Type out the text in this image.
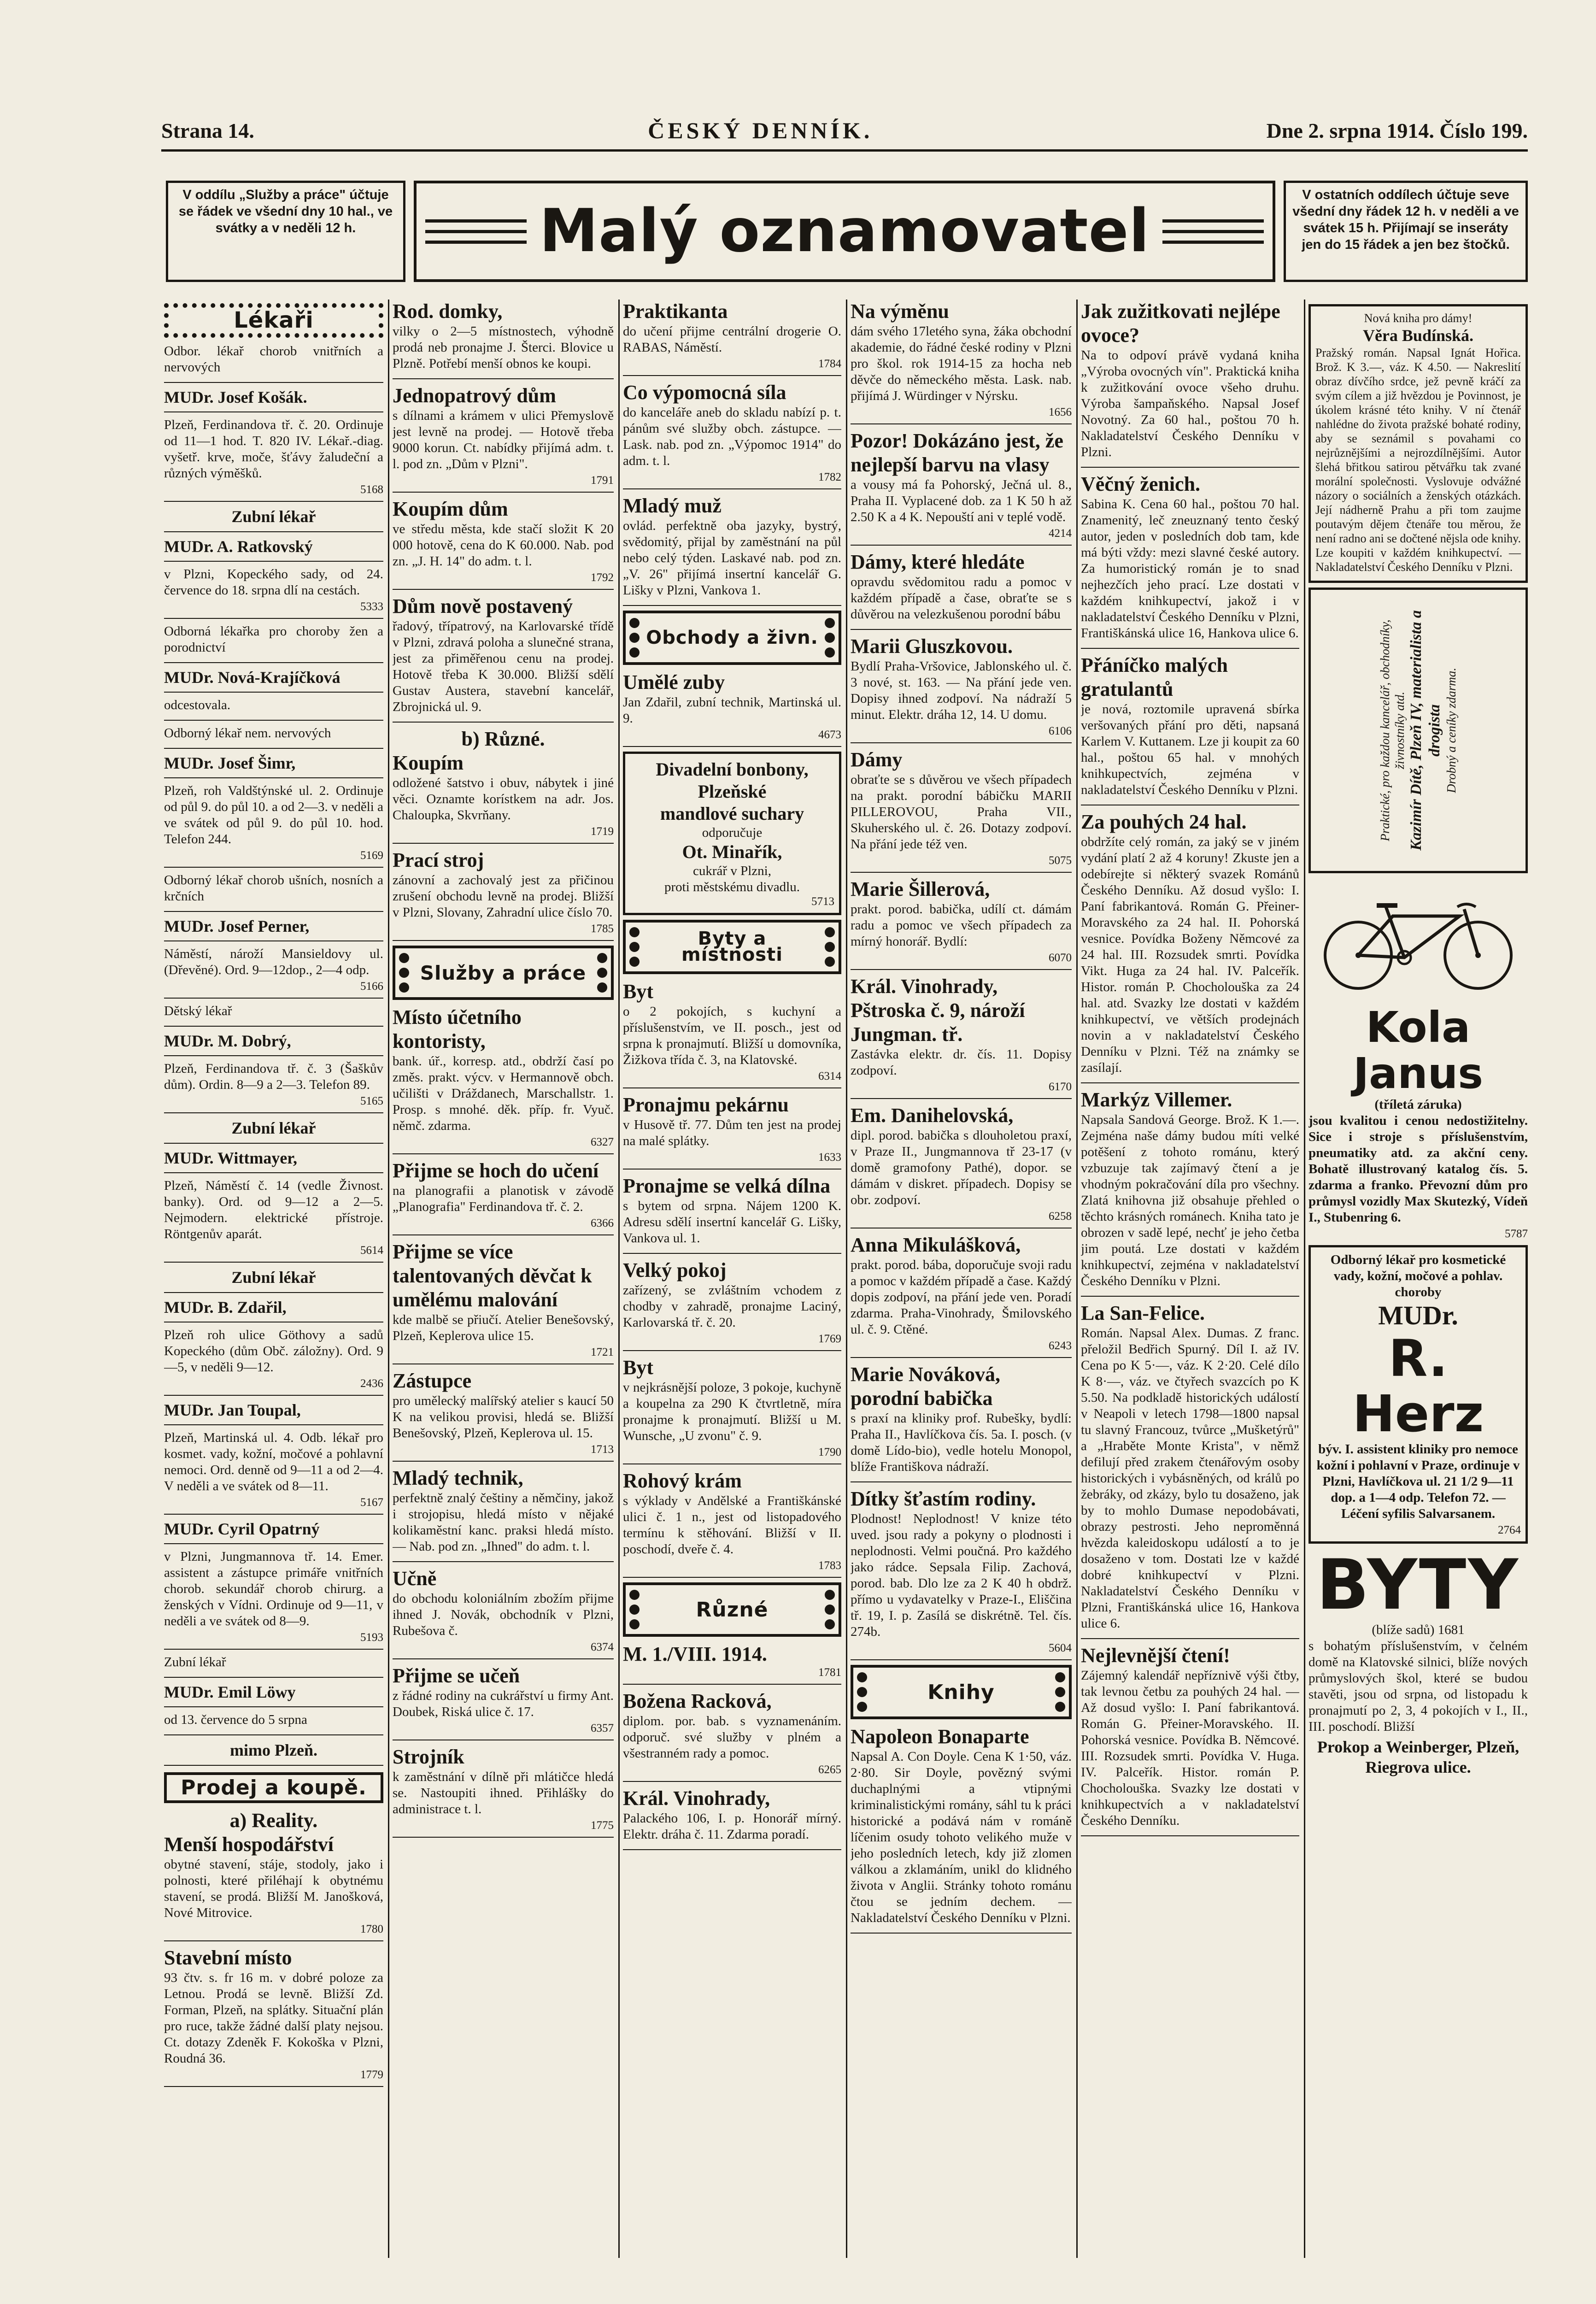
Strana 14.	ČESKÝ DENNÍK.	Dne 2. srpna 1914. Číslo 199.
V oddílu „Služby a práce" účtuje se řádek ve všední dny 10 hal., ve svátky a v neděli 12 h.	Malý oznamovatel
V ostatních oddílech účtuje seve všední dny řádek 12 h. v neděli a ve svátek 15 h. Přijímají se inseráty jen do 15 řádek a jen bez štočků.
Lékaři

Odbor. lékař chorob vnitřních a nervových

MUDr. Josef Košák.

Plzeň, Ferdinandova tř. č. 20. Ordinuje od 11—1 hod. T. 820 IV. Lékař.-diag. vyšetř. krve, moče, šťávy žaludeční a různých výměšků.

5168
Zubní lékař
MUDr. A. Ratkovský

v Plzni, Kopeckého sady, od 24. července do 18. srpna dlí na cestách.

5333

Odborná lékařka pro choroby žen a porodnictví

MUDr. Nová-Krajíčková

odcestovala.

Odborný lékař nem. nervových

MUDr. Josef Šimr,

Plzeň, roh Valdštýnské ul. 2. Ordinuje od půl 9. do půl 10. a od 2—3. v neděli a ve svátek od půl 9. do půl 10. hod. Telefon 244.

5169

Odborný lékař chorob ušních, nosních a krčních

MUDr. Josef Perner,

Náměstí, nároží Mansieldovy ul. (Dřevěné). Ord. 9—12dop., 2—4 odp.

5166

Dětský lékař

MUDr. M. Dobrý,

Plzeň, Ferdinandova tř. č. 3 (Šaškův dům). Ordin. 8—9 a 2—3. Telefon 89.

5165
Zubní lékař
MUDr. Wittmayer,

Plzeň, Náměstí č. 14 (vedle Živnost. banky). Ord. od 9—12 a 2—5. Nejmodern. elektrické přístroje. Röntgenův aparát.

5614
Zubní lékař
MUDr. B. Zdařil,

Plzeň roh ulice Göthovy a sadů Kopeckého (dům Obč. záložny). Ord. 9—5, v neděli 9—12.

2436
MUDr. Jan Toupal,

Plzeň, Martinská ul. 4. Odb. lékař pro kosmet. vady, kožní, močové a pohlavní nemoci. Ord. denně od 9—11 a od 2—4. V neděli a ve svátek od 8—11.

5167
MUDr. Cyril Opatrný

v Plzni, Jungmannova tř. 14. Emer. assistent a zástupce primáře vnitřních chorob. sekundář chorob chirurg. a ženských v Vídni. Ordinuje od 9—11, v neděli a ve svátek od 8—9.

5193

Zubní lékař

MUDr. Emil Löwy

od 13. července do 5 srpna

mimo Plzeň.
Prodej a koupě.
a) Reality.
Menší hospodářství

obytné stavení, stáje, stodoly, jako i polnosti, které přiléhají k obytnému stavení, se prodá. Bližší M. Janošková, Nové Mitrovice.

1780
Stavební místo

93 čtv. s. fr 16 m. v dobré poloze za Letnou. Prodá se levně. Bližší Zd. Forman, Plzeň, na splátky. Situační plán pro ruce, takže žádné další platy nejsou. Ct. dotazy Zdeněk F. Kokoška v Plzni, Roudná 36.

1779
Rod. domky,

vilky o 2—5 místnostech, výhodně prodá neb pronajme J. Šterci. Blovice u Plzně. Potřebí menší obnos ke koupi.

Jednopatrový dům

s dílnami a krámem v ulici Přemyslově jest levně na prodej. — Hotově třeba 9000 korun. Ct. nabídky přijímá adm. t. l. pod zn. „Dům v Plzni".

1791
Koupím dům

ve středu města, kde stačí složit K 20 000 hotově, cena do K 60.000. Nab. pod zn. „J. H. 14" do adm. t. l.

1792
Dům nově postavený

řadový, třípatrový, na Karlovarské třídě v Plzni, zdravá poloha a slunečné strana, jest za přiměřenou cenu na prodej. Hotově třeba K 30.000. Bližší sdělí Gustav Austera, stavební kancelář, Zbrojnická ul. 9.

b) Různé.
Koupím

odložené šatstvo i obuv, nábytek i jiné věci. Oznamte korístkem na adr. Jos. Chaloupka, Skvrňany.

1719
Prací stroj

zánovní a zachovalý jest za přičinou zrušení obchodu levně na prodej. Bližší v Plzni, Slovany, Zahradní ulice číslo 70.

1785
Služby a práce
Místo účetního kontoristy,

bank. úř., korresp. atd., obdrží časí po změs. prakt. výcv. v Hermannově obch. učilišti v Dráždanech, Marschallstr. 1. Prosp. s mnohé. děk. příp. fr. Vyuč. němč. zdarma.

6327
Přijme se hoch do učení

na planografii a planotisk v závodě „Planografia" Ferdinandova tř. č. 2.

6366
Přijme se více talentovaných děvčat k umělému malování

kde malbě se přiučí. Atelier Benešovský, Plzeň, Keplerova ulice 15.

1721
Zástupce

pro umělecký malířský atelier s kaucí 50 K na velikou provisi, hledá se. Bližší Benešovský, Plzeň, Keplerova ul. 15.

1713
Mladý technik,

perfektně znalý češtiny a němčiny, jakož i strojopisu, hledá místo v nějaké kolikaměstní kanc. praksi hledá místo. — Nab. pod zn. „Ihned" do adm. t. l.

Učně

do obchodu koloniálním zbožím přijme ihned J. Novák, obchodník v Plzni, Rubešova č.

6374
Přijme se učeň

z řádné rodiny na cukrářství u firmy Ant. Doubek, Riská ulice č. 17.

6357
Strojník

k zaměstnání v dílně při mlátičce hledá se. Nastoupiti ihned. Přihlášky do administrace t. l.

1775
Praktikanta

do učení přijme centrální drogerie O. RABAS, Náměstí.

1784
Co výpomocná síla

do kanceláře aneb do skladu nabízí p. t. pánům své služby obch. zástupce. — Lask. nab. pod zn. „Výpomoc 1914" do adm. t. l.

1782
Mladý muž

ovlád. perfektně oba jazyky, bystrý, svědomitý, přijal by zaměstnání na půl nebo celý týden. Laskavé nab. pod zn. „V. 26" přijímá insertní kancelář G. Lišky v Plzni, Vankova 1.

Obchody a živn.
Umělé zuby

Jan Zdařil, zubní technik, Martinská ul. 9.

4673
Divadelní bonbony,
Plzeňské
mandlové suchary
odporučuje
Ot. Minařík,
cukrář v Plzni,
proti městskému divadlu.
5713
Byty a místnosti
Byt

o 2 pokojích, s kuchyní a příslušenstvím, ve II. posch., jest od srpna k pronajmutí. Bližší u domovníka, Žižkova třída č. 3, na Klatovské.

6314
Pronajmu pekárnu

v Husově tř. 77. Dům ten jest na prodej na malé splátky.

1633
Pronajme se velká dílna

s bytem od srpna. Nájem 1200 K. Adresu sdělí insertní kancelář G. Lišky, Vankova ul. 1.

Velký pokoj

zařízený, se zvláštním vchodem z chodby v zahradě, pronajme Laciný, Karlovarská tř. č. 20.

1769
Byt

v nejkrásnější poloze, 3 pokoje, kuchyně a koupelna za 290 K čtvrtletně, míra pronajme k pronajmutí. Bližší u M. Wunsche, „U zvonu" č. 9.

1790
Rohový krám

s výklady v Andělské a Františkánské ulici č. 1 n., jest od listopadového termínu k stěhování. Bližší v II. poschodí, dveře č. 4.

1783
Různé
M. 1./VIII. 1914.
1781
Božena Racková,

diplom. por. bab. s vyznamenáním. odporuč. své služby v plném a všestranném rady a pomoc.

6265
Král. Vinohrady,

Palackého 106, I. p. Honorář mírný. Elektr. dráha č. 11. Zdarma poradí.

Na výměnu

dám svého 17letého syna, žáka obchodní akademie, do řádné české rodiny v Plzni pro škol. rok 1914-15 za hocha neb děvče do německého města. Lask. nab. přijímá J. Würdinger v Nýrsku.

1656
Pozor! Dokázáno jest, že nejlepší barvu na vlasy

a vousy má fa Pohorský, Ječná ul. 8., Praha II. Vyplacené dob. za 1 K 50 h až 2.50 K a 4 K. Nepouští ani v teplé vodě.

4214
Dámy, které hledáte

opravdu svědomitou radu a pomoc v každém případě a čase, obraťte se s důvěrou na velezkušenou porodní bábu

Marii Gluszkovou.

Bydlí Praha-Vršovice, Jablonského ul. č. 3 nové, st. 163. — Na přání jede ven. Dopisy ihned zodpoví. Na nádraží 5 minut. Elektr. dráha 12, 14. U domu.

6106
Dámy

obraťte se s důvěrou ve všech případech na prakt. porodní bábičku MARII PILLEROVOU, Praha VII., Skuherského ul. č. 26. Dotazy zodpoví. Na přání jede též ven.

5075
Marie Šillerová,

prakt. porod. babička, udílí ct. dámám radu a pomoc ve všech případech za mírný honorář. Bydlí:

6070
Král. Vinohrady, Pštroska č. 9, nároží Jungman. tř.

Zastávka elektr. dr. čís. 11. Dopisy zodpoví.

6170
Em. Danihelovská,

dipl. porod. babička s dlouholetou praxí, v Praze II., Jungmannova tř 23-17 (v domě gramofony Pathé), dopor. se dámám v diskret. případech. Dopisy se obr. zodpoví.

6258
Anna Mikulášková,

prakt. porod. bába, doporučuje svoji radu a pomoc v každém případě a čase. Každý dopis zodpoví, na přání jede ven. Poradí zdarma. Praha-Vinohrady, Šmilovského ul. č. 9. Ctěné.

6243
Marie Nováková, porodní babička

s praxí na kliniky prof. Rubešky, bydlí: Praha II., Havlíčkova čís. 5a. I. posch. (v domě Lído-bio), vedle hotelu Monopol, blíže Františkova nádraží.

Dítky šťastím rodiny.

Plodnost! Neplodnost! V knize této uved. jsou rady a pokyny o plodnosti i neplodnosti. Velmi poučná. Pro každého jako rádce. Sepsala Filip. Zachová, porod. bab. Dlo lze za 2 K 40 h obdrž. přímo u vydavatelky v Praze-I., Eliščina tř. 19, I. p. Zasílá se diskrétně. Tel. čís. 274b.

5604
Knihy
Napoleon Bonaparte

Napsal A. Con Doyle. Cena K 1·50, váz. 2·80. Sir Doyle, povězný svými duchaplnými a vtipnými kriminalistickými romány, sáhl tu k práci historické a podává nám v románě líčenim osudy tohoto velikého muže v jeho posledních letech, kdy již zlomen válkou a zklamáním, unikl do klidného života v Anglii. Stránky tohoto románu čtou se jedním dechem. — Nakladatelství Českého Denníku v Plzni.

Jak zužitkovati nejlépe ovoce?

Na to odpoví právě vydaná kniha „Výroba ovocných vín". Praktická kniha k zužitkování ovoce všeho druhu. Výroba šampaňského. Napsal Josef Novotný. Za 60 hal., poštou 70 h. Nakladatelství Českého Denníku v Plzni.

Věčný ženich.

Sabina K. Cena 60 hal., poštou 70 hal. Znamenitý, leč zneuznaný tento český autor, jeden v posledních dob tam, kde má býti vždy: mezi slavné české autory. Za humoristický román je to snad nejhezčích jeho prací. Lze dostati v každém knihkupectví, jakož i v nakladatelství Českého Denníku v Plzni, Františkánská ulice 16, Hankova ulice 6.

Přáníčko malých gratulantů

je nová, roztomile upravená sbírka veršovaných přání pro děti, napsaná Karlem V. Kuttanem. Lze ji koupit za 60 hal., poštou 65 hal. v mnohých knihkupectvích, zejména v nakladatelství Českého Denníku v Plzni.

Za pouhých 24 hal.

obdržíte celý román, za jaký se v jiném vydání platí 2 až 4 koruny! Zkuste jen a odebírejte si některý svazek Románů Českého Denníku. Až dosud vyšlo: I. Paní fabrikantová. Román G. Přeiner-Moravského za 24 hal. II. Pohorská vesnice. Povídka Boženy Němcové za 24 hal. III. Rozsudek smrti. Povídka Vikt. Huga za 24 hal. IV. Palceřík. Histor. román P. Chocholouška za 24 hal. atd. Svazky lze dostati v každém knihkupectví, ve větších prodejnách novin a v nakladatelství Českého Denníku v Plzni. Též na známky se zasílají.

Markýz Villemer.

Napsala Sandová George. Brož. K 1.—. Zejména naše dámy budou míti velké potěšení z tohoto románu, který vzbuzuje tak zajímavý čtení a je vhodným pokračování díla pro všechny. Zlatá knihovna již obsahuje přehled o těchto krásných románech. Kniha tato je obrozen v sadě lepé, nechť je jeho četba jim poutá. Lze dostati v každém knihkupectví, zejména v nakladatelství Českého Denníku v Plzni.

La San-Felice.

Román. Napsal Alex. Dumas. Z franc. přeložil Bedřich Spurný. Díl I. až IV. Cena po K 5·—, váz. K 2·20. Celé dílo K 8·—, váz. ve čtyřech svazcích po K 5.50. Na podkladě historických událostí v Neapoli v letech 1798—1800 napsal tu slavný Francouz, tvůrce „Mušketýrů" a „Hraběte Monte Krista", v němž defilují před zrakem čtenářovým osoby historických i vybásněných, od králů po žebráky, od zkázy, bylo tu dosaženo, jak by to mohlo Dumase nepodobávati, obrazy pestrosti. Jeho neproměnná hvězda kaleidoskopu událostí a to je dosaženo v tom. Dostati lze v každé dobré knihkupectví v Plzni. Nakladatelství Českého Denníku v Plzni, Františkánská ulice 16, Hankova ulice 6.

Nejlevnější čtení!

Zájemný kalendář nepříznivě výši čtby, tak levnou četbu za pouhých 24 hal. — Až dosud vyšlo: I. Paní fabrikantová. Román G. Přeiner-Moravského. II. Pohorská vesnice. Povídka B. Němcové. III. Rozsudek smrti. Povídka V. Huga. IV. Palceřík. Histor. román P. Chocholouška. Svazky lze dostati v knihkupectvích a v nakladatelství Českého Denníku.

Nová kniha pro dámy!
Věra Budínská.

Pražský román. Napsal Ignát Hořica. Brož. K 3.—, váz. K 4.50. — Nakreslití obraz dívčího srdce, jež pevně kráčí za svým cílem a již hvězdou je Povinnost, je úkolem krásné této knihy. V ní čtenář nahlédne do života pražské bohaté rodiny, aby se seznámil s povahami co nejrůznějšími a nejrozdílnějšími. Autor šlehá břitkou satirou pětvářku tak zvané morální společnosti. Vyslovuje odvážné názory o sociálních a ženských otázkách. Její nádherně Prahu a při tom zaujme poutavým dějem čtenáře tou měrou, že není radno ani se dočtené nějsla ode knihy. Lze koupiti v každém knihkupectví. — Nakladatelství Českého Denníku v Plzni.

Praktické, pro každou kancelář, obchodníky, živnostníky atd. Kazimír Dítě, Plzeň IV, materialista a drogista Drobný a ceníky zdarma.
Kola Janus
(tříletá záruka)

jsou kvalitou i cenou nedostižitelny. Sice i stroje s příslušenstvím, pneumatiky atd. za akční ceny. Bohatě illustrovaný katalog čís. 5. zdarma a franko. Převozní dům pro průmysl vozidly Max Skutezký, Vídeň I., Stubenring 6.

5787
Odborný lékař pro kosmetické vady, kožní, močové a pohlav. choroby
MUDr.
R. Herz

býv. I. assistent kliniky pro nemoce kožní i pohlavní v Praze, ordinuje v Plzni, Havlíčkova ul. 21 1/2 9—11 dop. a 1—4 odp. Telefon 72. — Léčení syfilis Salvarsanem.

2764
BYTY
(blíže sadů) 1681

s bohatým příslušenstvím, v čelném domě na Klatovské silnici, blíže nových průmyslových škol, které se budou stavěti, jsou od srpna, od listopadu k pronajmutí po 2, 3, 4 pokojích v I., II., III. poschodí. Bližší

Prokop a Weinberger, Plzeň, Riegrova ulice.
